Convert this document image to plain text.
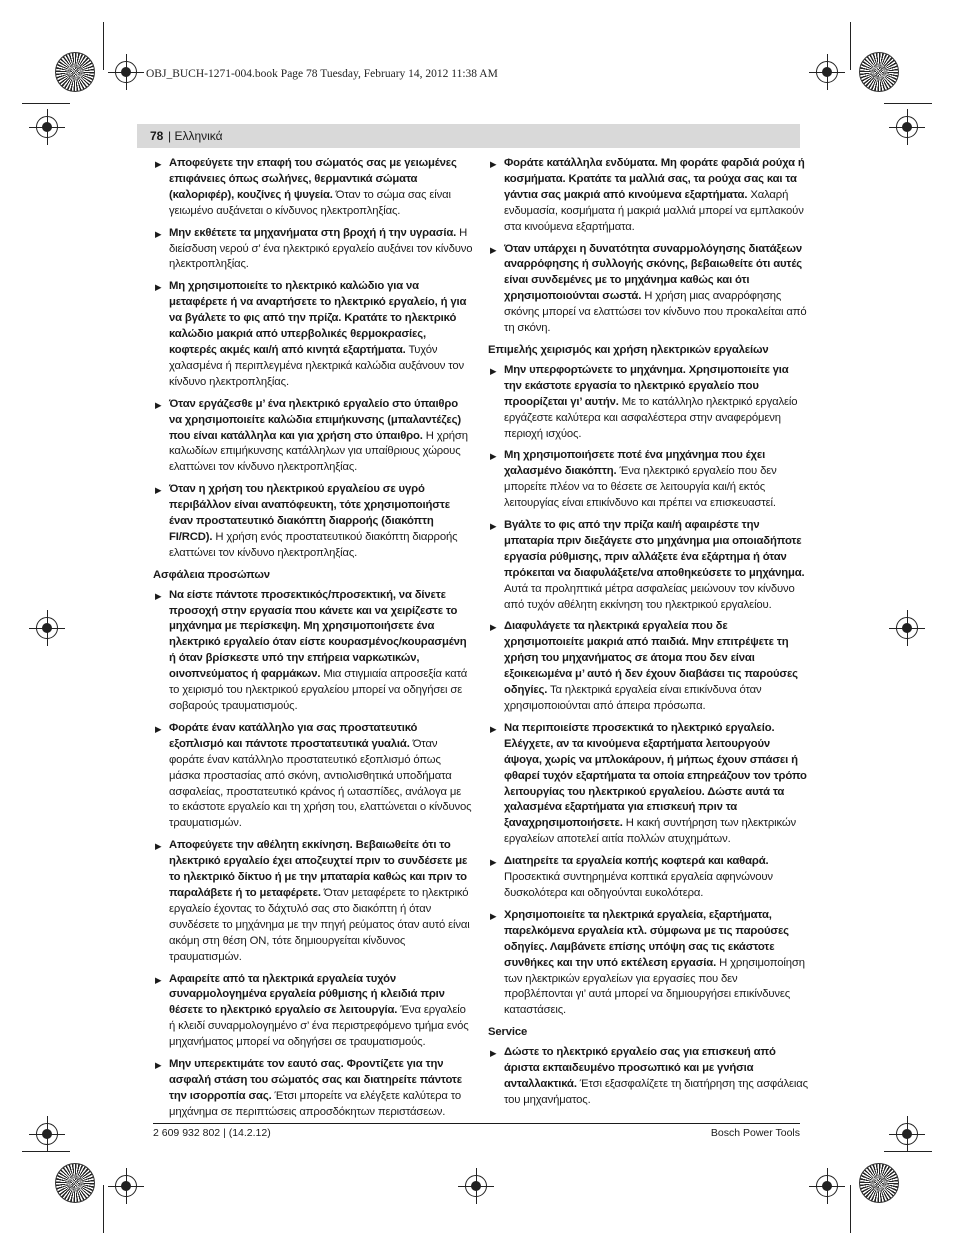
OBJ_BUCH-1271-004.book Page 78 Tuesday, February 14, 2012 11:38 AM
78
| Ελληνικά
▶ Αποφεύγετε την επαφή του σώματός σας με γειωμένες επιφάνειες όπως σωλήνες, θερμαντικά σώματα (καλοριφέρ), κουζίνες ή ψυγεία. Όταν το σώμα σας είναι γειωμένο αυξάνεται ο κίνδυνος ηλεκτροπληξίας.
▶ Μην εκθέτετε τα μηχανήματα στη βροχή ή την υγρασία. Η διείσδυση νερού σ’ ένα ηλεκτρικό εργαλείο αυξάνει τον κίνδυνο ηλεκτροπληξίας.
▶ Μη χρησιμοποιείτε το ηλεκτρικό καλώδιο για να μεταφέρετε ή να αναρτήσετε το ηλεκτρικό εργαλείο, ή για να βγάλετε το φις από την πρίζα. Κρατάτε το ηλεκτρικό καλώδιο μακριά από υπερβολικές θερμοκρασίες, κοφτερές ακμές και/ή από κινητά εξαρτήματα. Τυχόν χαλασμένα ή περιπλεγμένα ηλεκτρικά καλώδια αυξάνουν τον κίνδυνο ηλεκτροπληξίας.
▶ Όταν εργάζεσθε μ’ ένα ηλεκτρικό εργαλείο στο ύπαιθρο να χρησιμοποιείτε καλώδια επιμήκυνσης (μπαλαντέζες) που είναι κατάλληλα και για χρήση στο ύπαιθρο. Η χρήση καλωδίων επιμήκυνσης κατάλληλων για υπαίθριους χώρους ελαττώνει τον κίνδυνο ηλεκτροπληξίας.
▶ Όταν η χρήση του ηλεκτρικού εργαλείου σε υγρό περιβάλλον είναι αναπόφευκτη, τότε χρησιμοποιήστε έναν προστατευτικό διακόπτη διαρροής (διακόπτη FI/RCD). Η χρήση ενός προστατευτικού διακόπτη διαρροής ελαττώνει τον κίνδυνο ηλεκτροπληξίας.
Ασφάλεια προσώπων
▶ Να είστε πάντοτε προσεκτικός/προσεκτική, να δίνετε προσοχή στην εργασία που κάνετε και να χειρίζεστε το μηχάνημα με περίσκεψη. Μη χρησιμοποιήσετε ένα ηλεκτρικό εργαλείο όταν είστε κουρασμένος/κουρασμένη ή όταν βρίσκεστε υπό την επήρεια ναρκωτικών, οινοπνεύματος ή φαρμάκων. Μια στιγμιαία απροσεξία κατά το χειρισμό του ηλεκτρικού εργαλείου μπορεί να οδηγήσει σε σοβαρούς τραυματισμούς.
▶ Φοράτε έναν κατάλληλο για σας προστατευτικό εξοπλισμό και πάντοτε προστατευτικά γυαλιά. Όταν φοράτε έναν κατάλληλο προστατευτικό εξοπλισμό όπως μάσκα προστασίας από σκόνη, αντιολισθητικά υποδήματα ασφαλείας, προστατευτικό κράνος ή ωτασπίδες, ανάλογα με το εκάστοτε εργαλείο και τη χρήση του, ελαττώνεται ο κίνδυνος τραυματισμών.
▶ Αποφεύγετε την αθέλητη εκκίνηση. Βεβαιωθείτε ότι το ηλεκτρικό εργαλείο έχει αποζευχτεί πριν το συνδέσετε με το ηλεκτρικό δίκτυο ή με την μπαταρία καθώς και πριν το παραλάβετε ή το μεταφέρετε. Όταν μεταφέρετε το ηλεκτρικό εργαλείο έχοντας το δάχτυλό σας στο διακόπτη ή όταν συνδέσετε το μηχάνημα με την πηγή ρεύματος όταν αυτό είναι ακόμη στη θέση ON, τότε δημιουργείται κίνδυνος τραυματισμών.
▶ Αφαιρείτε από τα ηλεκτρικά εργαλεία τυχόν συναρμολογημένα εργαλεία ρύθμισης ή κλειδιά πριν θέσετε το ηλεκτρικό εργαλείο σε λειτουργία. Ένα εργαλείο ή κλειδί συναρμολογημένο σ’ ένα περιστρεφόμενο τμήμα ενός μηχανήματος μπορεί να οδηγήσει σε τραυματισμούς.
▶ Μην υπερεκτιμάτε τον εαυτό σας. Φροντίζετε για την ασφαλή στάση του σώματός σας και διατηρείτε πάντοτε την ισορροπία σας. Έτσι μπορείτε να ελέγξετε καλύτερα το μηχάνημα σε περιπτώσεις απροσδόκητων περιστάσεων.
▶ Φοράτε κατάλληλα ενδύματα. Μη φοράτε φαρδιά ρούχα ή κοσμήματα. Κρατάτε τα μαλλιά σας, τα ρούχα σας και τα γάντια σας μακριά από κινούμενα εξαρτήματα. Χαλαρή ενδυμασία, κοσμήματα ή μακριά μαλλιά μπορεί να εμπλακούν στα κινούμενα εξαρτήματα.
▶ Όταν υπάρχει η δυνατότητα συναρμολόγησης διατάξεων αναρρόφησης ή συλλογής σκόνης, βεβαιωθείτε ότι αυτές είναι συνδεμένες με το μηχάνημα καθώς και ότι χρησιμοποιούνται σωστά. Η χρήση μιας αναρρόφησης σκόνης μπορεί να ελαττώσει τον κίνδυνο που προκαλείται από τη σκόνη.
Επιμελής χειρισμός και χρήση ηλεκτρικών εργαλείων
▶ Μην υπερφορτώνετε το μηχάνημα. Χρησιμοποιείτε για την εκάστοτε εργασία το ηλεκτρικό εργαλείο που προορίζεται γι’ αυτήν. Με το κατάλληλο ηλεκτρικό εργαλείο εργάζεστε καλύτερα και ασφαλέστερα στην αναφερόμενη περιοχή ισχύος.
▶ Μη χρησιμοποιήσετε ποτέ ένα μηχάνημα που έχει χαλασμένο διακόπτη. Ένα ηλεκτρικό εργαλείο που δεν μπορείτε πλέον να το θέσετε σε λειτουργία και/ή εκτός λειτουργίας είναι επικίνδυνο και πρέπει να επισκευαστεί.
▶ Βγάλτε το φις από την πρίζα και/ή αφαιρέστε την μπαταρία πριν διεξάγετε στο μηχάνημα μια οποιαδήποτε εργασία ρύθμισης, πριν αλλάξετε ένα εξάρτημα ή όταν πρόκειται να διαφυλάξετε/να αποθηκεύσετε το μηχάνημα. Αυτά τα προληπτικά μέτρα ασφαλείας μειώνουν τον κίνδυνο από τυχόν αθέλητη εκκίνηση του ηλεκτρικού εργαλείου.
▶ Διαφυλάγετε τα ηλεκτρικά εργαλεία που δε χρησιμοποιείτε μακριά από παιδιά. Μην επιτρέψετε τη χρήση του μηχανήματος σε άτομα που δεν είναι εξοικειωμένα μ’ αυτό ή δεν έχουν διαβάσει τις παρούσες οδηγίες. Τα ηλεκτρικά εργαλεία είναι επικίνδυνα όταν χρησιμοποιούνται από άπειρα πρόσωπα.
▶ Να περιποιείστε προσεκτικά το ηλεκτρικό εργαλείο. Ελέγχετε, αν τα κινούμενα εξαρτήματα λειτουργούν άψογα, χωρίς να μπλοκάρουν, ή μήπως έχουν σπάσει ή φθαρεί τυχόν εξαρτήματα τα οποία επηρεάζουν τον τρόπο λειτουργίας του ηλεκτρικού εργαλείου. Δώστε αυτά τα χαλασμένα εξαρτήματα για επισκευή πριν τα ξαναχρησιμοποιήσετε. Η κακή συντήρηση των ηλεκτρικών εργαλείων αποτελεί αιτία πολλών ατυχημάτων.
▶ Διατηρείτε τα εργαλεία κοπής κοφτερά και καθαρά. Προσεκτικά συντηρημένα κοπτικά εργαλεία αφηνώνουν δυσκολότερα και οδηγούνται ευκολότερα.
▶ Χρησιμοποιείτε τα ηλεκτρικά εργαλεία, εξαρτήματα, παρελκόμενα εργαλεία κτλ. σύμφωνα με τις παρούσες οδηγίες. Λαμβάνετε επίσης υπόψη σας τις εκάστοτε συνθήκες και την υπό εκτέλεση εργασία. Η χρησιμοποίηση των ηλεκτρικών εργαλείων για εργασίες που δεν προβλέπονται γι’ αυτά μπορεί να δημιουργήσει επικίνδυνες καταστάσεις.
Service
▶ Δώστε το ηλεκτρικό εργαλείο σας για επισκευή από άριστα εκπαιδευμένο προσωπικό και με γνήσια ανταλλακτικά. Έτσι εξασφαλίζετε τη διατήρηση της ασφάλειας του μηχανήματος.
2 609 932 802 | (14.2.12)	Bosch Power Tools
